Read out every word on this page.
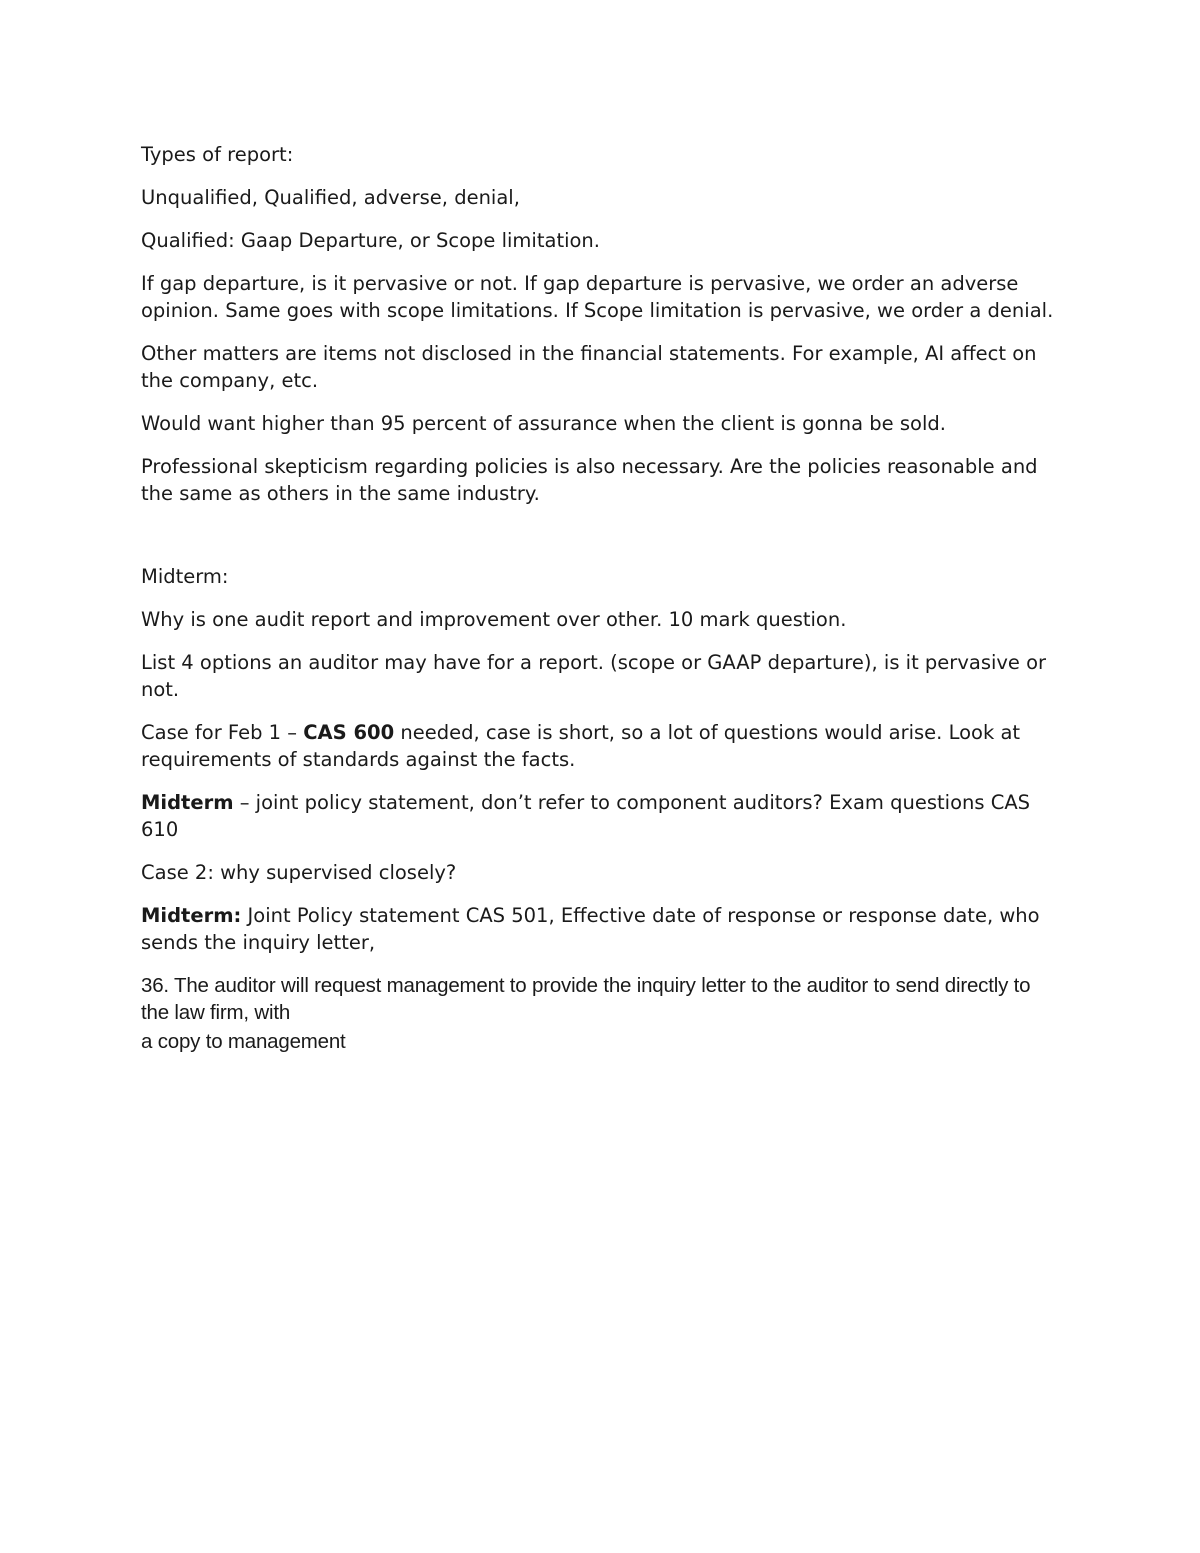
Types of report:

Unqualified, Qualified, adverse, denial,

Qualified: Gaap Departure, or Scope limitation.

If gap departure, is it pervasive or not. If gap departure is pervasive, we order an adverse opinion. Same goes with scope limitations. If Scope limitation is pervasive, we order a denial.

Other matters are items not disclosed in the financial statements. For example, AI affect on the company, etc.

Would want higher than 95 percent of assurance when the client is gonna be sold.

Professional skepticism regarding policies is also necessary. Are the policies reasonable and the same as others in the same industry.

Midterm:

Why is one audit report and improvement over other. 10 mark question.

List 4 options an auditor may have for a report. (scope or GAAP departure), is it pervasive or not.

Case for Feb 1 – CAS 600 needed, case is short, so a lot of questions would arise. Look at requirements of standards against the facts.

Midterm – joint policy statement, don’t refer to component auditors? Exam questions CAS 610

Case 2: why supervised closely?

Midterm: Joint Policy statement CAS 501, Effective date of response or response date, who sends the inquiry letter,

36. The auditor will request management to provide the inquiry letter to the auditor to send directly to the law firm, with
a copy to management
